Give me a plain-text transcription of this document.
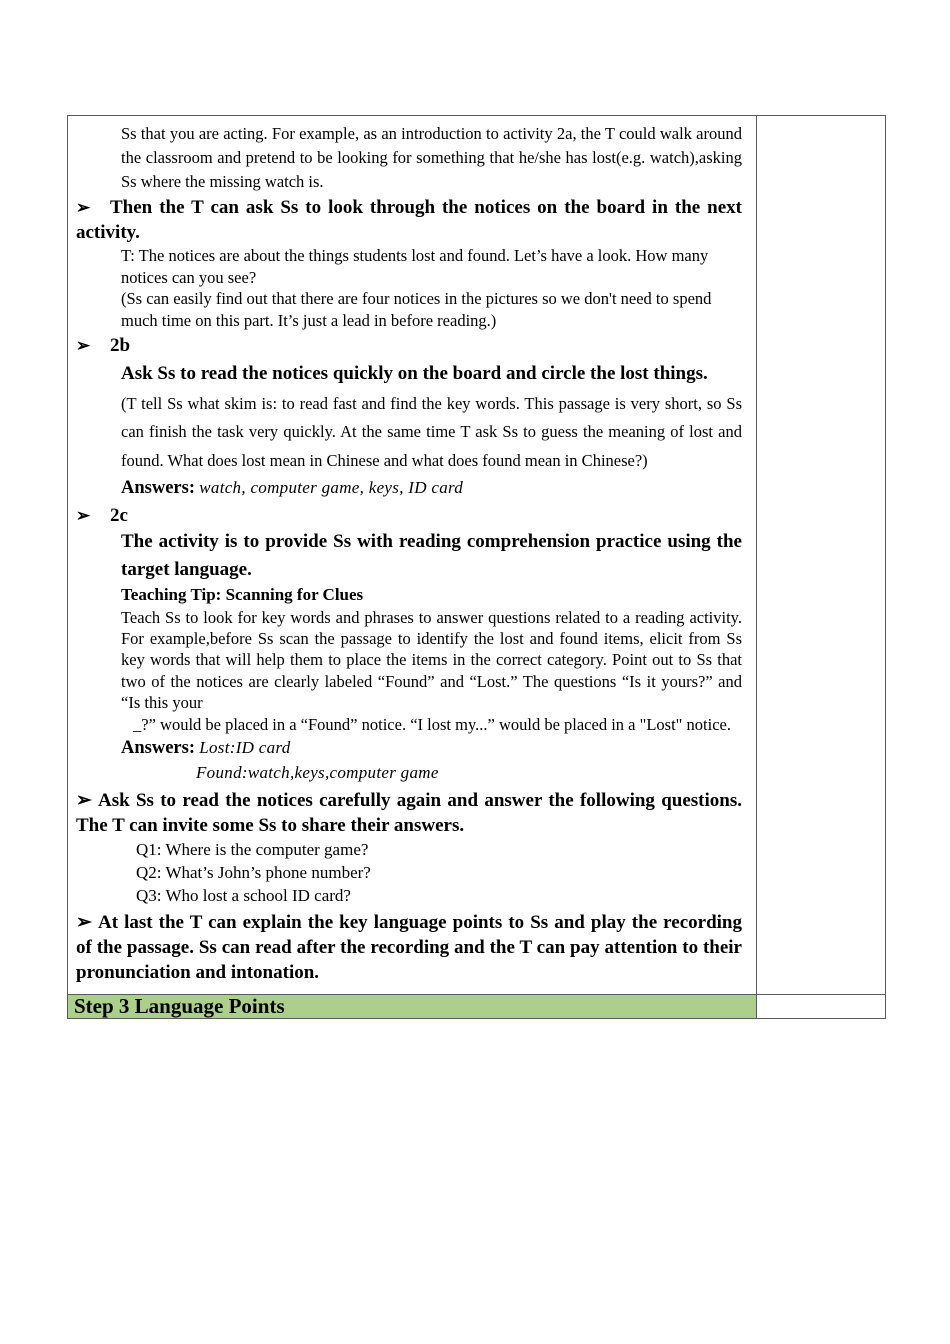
Ss that you are acting. For example, as an introduction to activity 2a, the T could walk around the classroom and pretend to be looking for something that he/she has lost(e.g. watch),asking Ss where the missing watch is.

➢ Then the T can ask Ss to look through the notices on the board in the next activity.

T: The notices are about the things students lost and found. Let’s have a look. How many notices can you see?

(Ss can easily find out that there are four notices in the pictures so we don't need to spend much time on this part. It’s just a lead in before reading.)

➢ 2b

Ask Ss to read the notices quickly on the board and circle the lost things.

(T tell Ss what skim is: to read fast and find the key words. This passage is very short, so Ss can finish the task very quickly. At the same time T ask Ss to guess the meaning of lost and found. What does lost mean in Chinese and what does found mean in Chinese?)

Answers: watch, computer game, keys, ID card

➢ 2c

The activity is to provide Ss with reading comprehension practice using the target language.

Teaching Tip: Scanning for Clues

Teach Ss to look for key words and phrases to answer questions related to a reading activity. For example,before Ss scan the passage to identify the lost and found items, elicit from Ss key words that will help them to place the items in the correct category. Point out to Ss that two of the notices are clearly labeled “Found” and “Lost.” The questions “Is it yours?” and “Is this your

_?” would be placed in a “Found” notice. “I lost my...” would be placed in a "Lost" notice.

Answers: Lost:ID card

Found:watch,keys,computer game

➢ Ask Ss to read the notices carefully again and answer the following questions. The T can invite some Ss to share their answers.

Q1: Where is the computer game?

Q2: What’s John’s phone number?

Q3: Who lost a school ID card?

➢ At last the T can explain the key language points to Ss and play the recording of the passage. Ss can read after the recording and the T can pay attention to their pronunciation and intonation.

Step 3 Language Points	
